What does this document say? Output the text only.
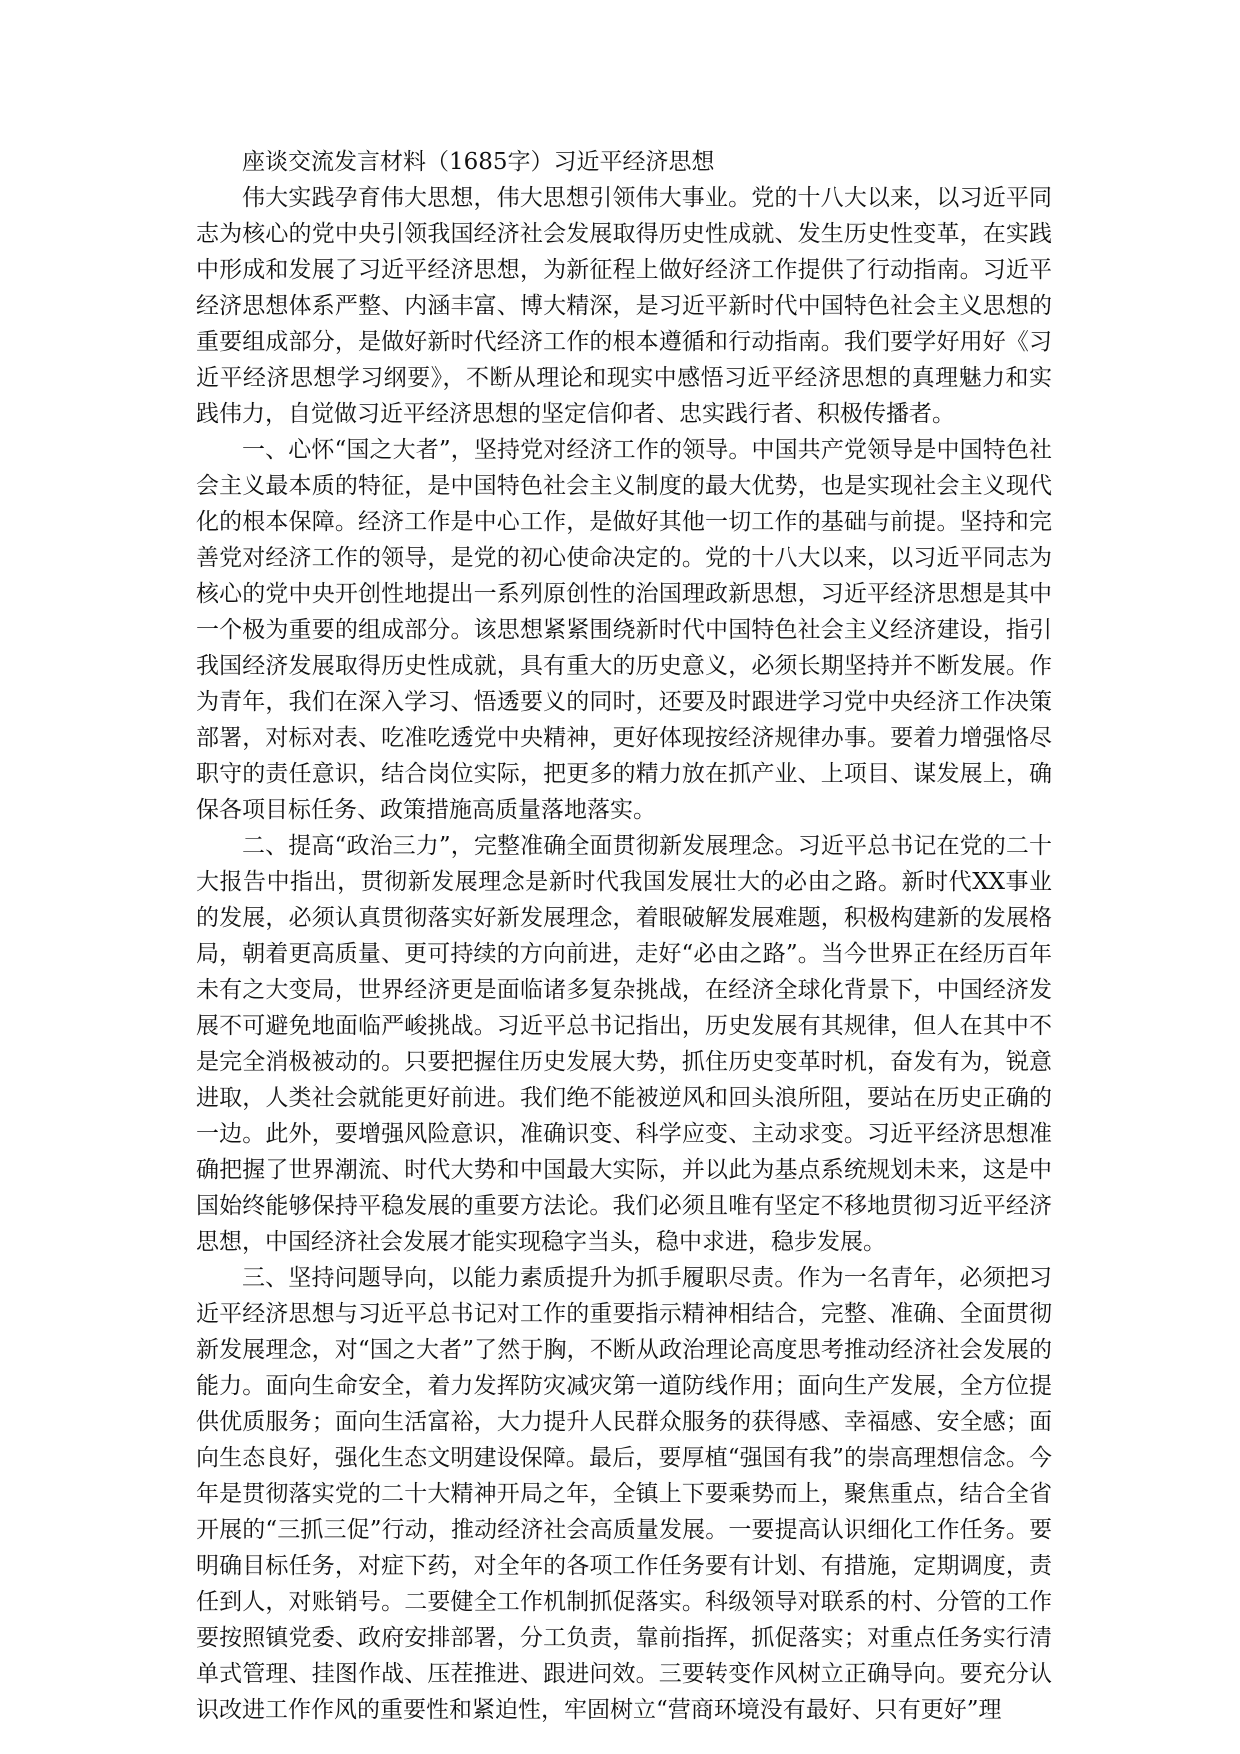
座谈交流发言材料（1685字）习近平经济思想

伟大实践孕育伟大思想，伟大思想引领伟大事业。党的十八大以来，以习近平同志为核心的党中央引领我国经济社会发展取得历史性成就、发生历史性变革，在实践中形成和发展了习近平经济思想，为新征程上做好经济工作提供了行动指南。习近平经济思想体系严整、内涵丰富、博大精深，是习近平新时代中国特色社会主义思想的重要组成部分，是做好新时代经济工作的根本遵循和行动指南。我们要学好用好《习近平经济思想学习纲要》，不断从理论和现实中感悟习近平经济思想的真理魅力和实践伟力，自觉做习近平经济思想的坚定信仰者、忠实践行者、积极传播者。

一、心怀“国之大者”，坚持党对经济工作的领导。中国共产党领导是中国特色社会主义最本质的特征，是中国特色社会主义制度的最大优势，也是实现社会主义现代化的根本保障。经济工作是中心工作，是做好其他一切工作的基础与前提。坚持和完善党对经济工作的领导，是党的初心使命决定的。党的十八大以来，以习近平同志为核心的党中央开创性地提出一系列原创性的治国理政新思想，习近平经济思想是其中一个极为重要的组成部分。该思想紧紧围绕新时代中国特色社会主义经济建设，指引我国经济发展取得历史性成就，具有重大的历史意义，必须长期坚持并不断发展。作为青年，我们在深入学习、悟透要义的同时，还要及时跟进学习党中央经济工作决策部署，对标对表、吃准吃透党中央精神，更好体现按经济规律办事。要着力增强恪尽职守的责任意识，结合岗位实际，把更多的精力放在抓产业、上项目、谋发展上，确保各项目标任务、政策措施高质量落地落实。

二、提高“政治三力”，完整准确全面贯彻新发展理念。习近平总书记在党的二十大报告中指出，贯彻新发展理念是新时代我国发展壮大的必由之路。新时代XX事业的发展，必须认真贯彻落实好新发展理念，着眼破解发展难题，积极构建新的发展格局，朝着更高质量、更可持续的方向前进，走好“必由之路”。当今世界正在经历百年未有之大变局，世界经济更是面临诸多复杂挑战，在经济全球化背景下，中国经济发展不可避免地面临严峻挑战。习近平总书记指出，历史发展有其规律，但人在其中不是完全消极被动的。只要把握住历史发展大势，抓住历史变革时机，奋发有为，锐意进取，人类社会就能更好前进。我们绝不能被逆风和回头浪所阻，要站在历史正确的一边。此外，要增强风险意识，准确识变、科学应变、主动求变。习近平经济思想准确把握了世界潮流、时代大势和中国最大实际，并以此为基点系统规划未来，这是中国始终能够保持平稳发展的重要方法论。我们必须且唯有坚定不移地贯彻习近平经济思想，中国经济社会发展才能实现稳字当头，稳中求进，稳步发展。

三、坚持问题导向，以能力素质提升为抓手履职尽责。作为一名青年，必须把习近平经济思想与习近平总书记对工作的重要指示精神相结合，完整、准确、全面贯彻新发展理念，对“国之大者”了然于胸，不断从政治理论高度思考推动经济社会发展的能力。面向生命安全，着力发挥防灾减灾第一道防线作用；面向生产发展，全方位提供优质服务；面向生活富裕，大力提升人民群众服务的获得感、幸福感、安全感；面向生态良好，强化生态文明建设保障。最后，要厚植“强国有我”的崇高理想信念。今年是贯彻落实党的二十大精神开局之年，全镇上下要乘势而上，聚焦重点，结合全省开展的“三抓三促”行动，推动经济社会高质量发展。一要提高认识细化工作任务。要明确目标任务，对症下药，对全年的各项工作任务要有计划、有措施，定期调度，责任到人，对账销号。二要健全工作机制抓促落实。科级领导对联系的村、分管的工作要按照镇党委、政府安排部署，分工负责，靠前指挥，抓促落实；对重点任务实行清单式管理、挂图作战、压茬推进、跟进问效。三要转变作风树立正确导向。要充分认识改进工作作风的重要性和紧迫性，牢固树立“营商环境没有最好、只有更好”理
